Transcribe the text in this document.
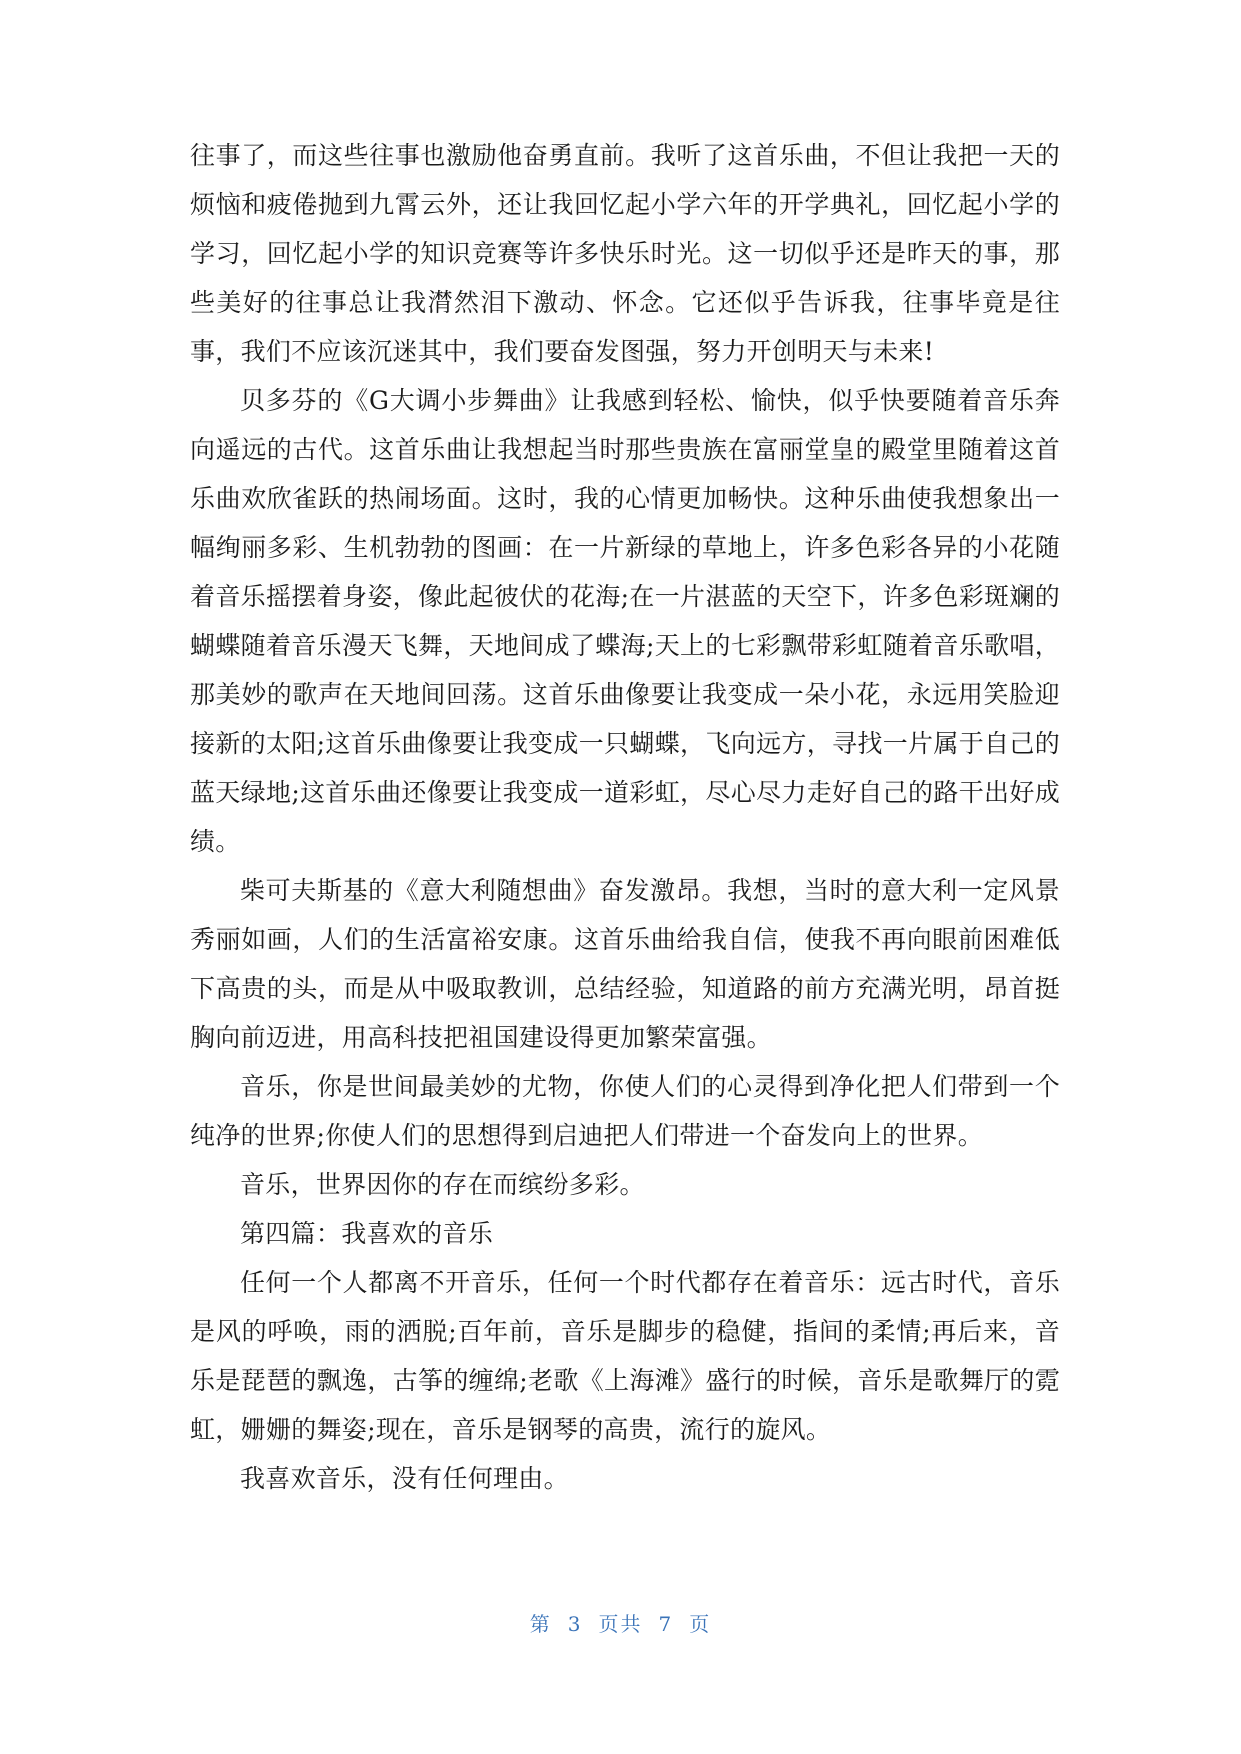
往事了，而这些往事也激励他奋勇直前。我听了这首乐曲，不但让我把一天的烦恼和疲倦抛到九霄云外，还让我回忆起小学六年的开学典礼，回忆起小学的学习，回忆起小学的知识竞赛等许多快乐时光。这一切似乎还是昨天的事，那些美好的往事总让我潸然泪下激动、怀念。它还似乎告诉我，往事毕竟是往事，我们不应该沉迷其中，我们要奋发图强，努力开创明天与未来!

贝多芬的《G大调小步舞曲》让我感到轻松、愉快，似乎快要随着音乐奔向遥远的古代。这首乐曲让我想起当时那些贵族在富丽堂皇的殿堂里随着这首乐曲欢欣雀跃的热闹场面。这时，我的心情更加畅快。这种乐曲使我想象出一幅绚丽多彩、生机勃勃的图画：在一片新绿的草地上，许多色彩各异的小花随着音乐摇摆着身姿，像此起彼伏的花海;在一片湛蓝的天空下，许多色彩斑斓的蝴蝶随着音乐漫天飞舞，天地间成了蝶海;天上的七彩飘带彩虹随着音乐歌唱，那美妙的歌声在天地间回荡。这首乐曲像要让我变成一朵小花，永远用笑脸迎接新的太阳;这首乐曲像要让我变成一只蝴蝶，飞向远方，寻找一片属于自己的蓝天绿地;这首乐曲还像要让我变成一道彩虹，尽心尽力走好自己的路干出好成绩。

柴可夫斯基的《意大利随想曲》奋发激昂。我想，当时的意大利一定风景秀丽如画，人们的生活富裕安康。这首乐曲给我自信，使我不再向眼前困难低下高贵的头，而是从中吸取教训，总结经验，知道路的前方充满光明，昂首挺胸向前迈进，用高科技把祖国建设得更加繁荣富强。

音乐，你是世间最美妙的尤物，你使人们的心灵得到净化把人们带到一个纯净的世界;你使人们的思想得到启迪把人们带进一个奋发向上的世界。

音乐，世界因你的存在而缤纷多彩。

第四篇：我喜欢的音乐

任何一个人都离不开音乐，任何一个时代都存在着音乐：远古时代，音乐是风的呼唤，雨的洒脱;百年前，音乐是脚步的稳健，指间的柔情;再后来，音乐是琵琶的飘逸，古筝的缠绵;老歌《上海滩》盛行的时候，音乐是歌舞厅的霓虹，姗姗的舞姿;现在，音乐是钢琴的高贵，流行的旋风。

我喜欢音乐，没有任何理由。

第 3 页共 7 页
